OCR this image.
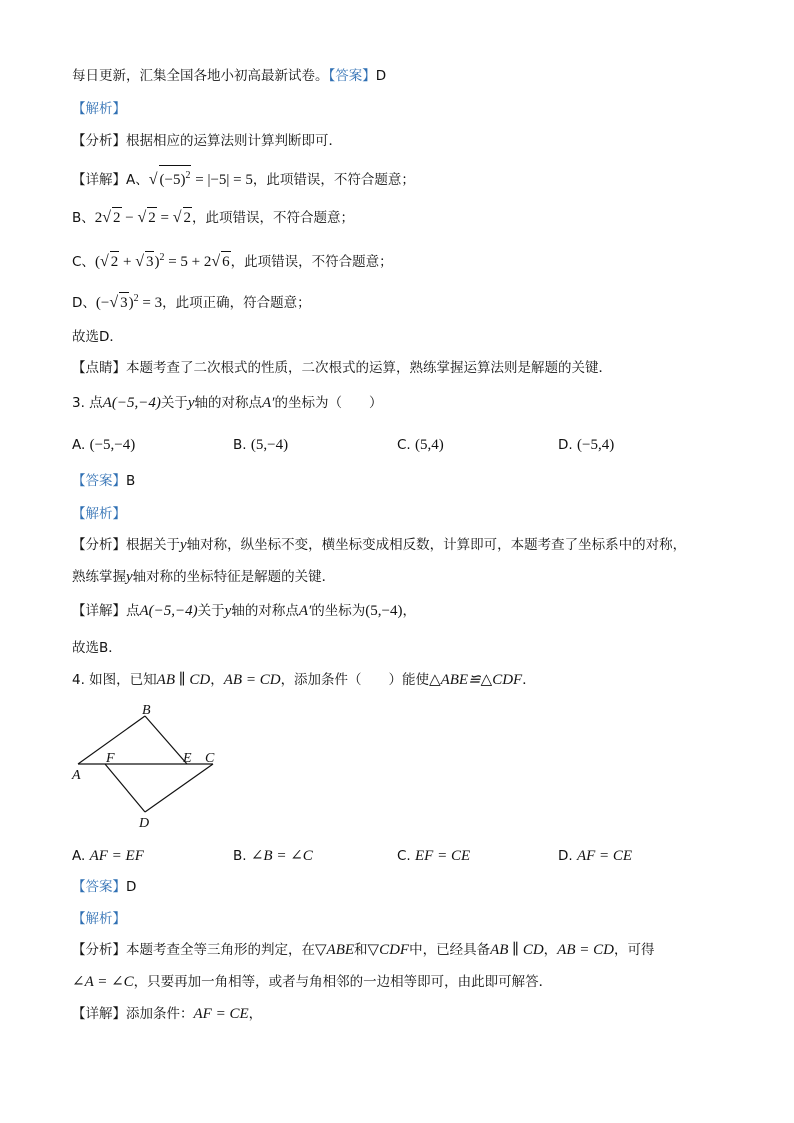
每日更新，汇集全国各地小初高最新试卷。【答案】D
【解析】
【分析】根据相应的运算法则计算判断即可．
【详解】A、√ $(-5)^2 = |-5| = 5$，此项错误，不符合题意；
B、2√ 2 − √ 2 = √ 2，此项错误，不符合题意；
C、(√ 2 + √ 3)$^2$ = 5 + 2√ 6，此项错误，不符合题意；
D、(−√ 3)$^2$ = 3，此项正确，符合题意；
故选D．
【点睛】本题考查了二次根式的性质，二次根式的运算，熟练掌握运算法则是解题的关键．
3. 点A(−5,−4)关于y轴的对称点A′的坐标为（　　）
A. (−5,−4)	B. (5,−4)	C. (5,4)	D. (−5,4)
【答案】B
【解析】
【分析】根据关于y轴对称，纵坐标不变，横坐标变成相反数，计算即可，本题考查了坐标系中的对称，
熟练掌握y轴对称的坐标特征是解题的关键．
【详解】点A(−5,−4)关于y轴的对称点A′的坐标为(5,−4)，
故选B．
4. 如图，已知AB ∥ CD，AB = CD，添加条件（　　）能使△ABE≌△CDF．
B
A
F	E C
D
A. AF = EF	B. ∠B = ∠C	C. EF = CE	D. AF = CE
【答案】D
【解析】
【分析】本题考查全等三角形的判定，在▽ABE和▽CDF中，已经具备AB ∥ CD，AB = CD，可得
∠A = ∠C，只要再加一角相等，或者与角相邻的一边相等即可，由此即可解答．
【详解】添加条件：AF = CE，
